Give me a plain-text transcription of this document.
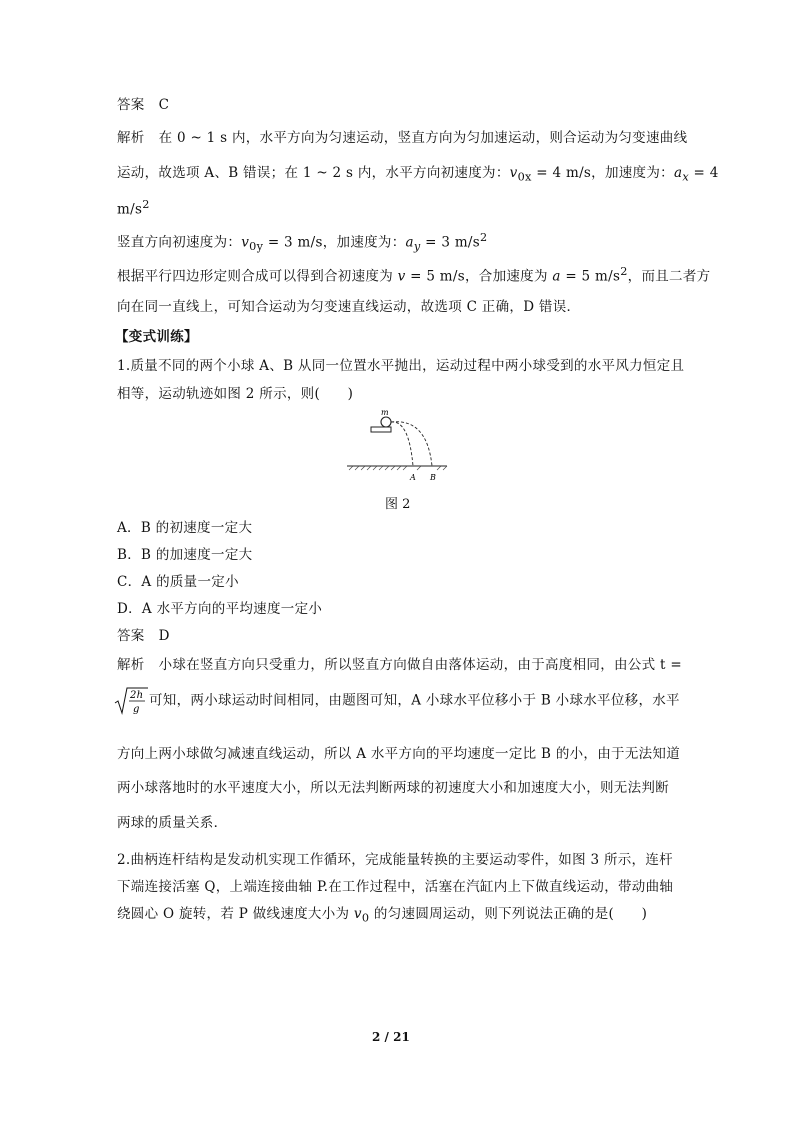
答案 C
解析 在 0 ~ 1 s 内，水平方向为匀速运动，竖直方向为匀加速运动，则合运动为匀变速曲线
运动，故选项 A、B 错误；在 1 ~ 2 s 内，水平方向初速度为：$v_{0x} = 4$ m/s，加速度为：$a_x = 4$
$m/s^2$
竖直方向初速度为：$v_{0y} = 3$ m/s，加速度为：$a_y = 3$ $m/s^2$
根据平行四边形定则合成可以得到合初速度为 v = 5 m/s，合加速度为 a = 5 $m/s^2$，而且二者方
向在同一直线上，可知合运动为匀变速直线运动，故选项 C 正确，D 错误．
【变式训练】
1.质量不同的两个小球 A、B 从同一位置水平抛出，运动过程中两小球受到的水平风力恒定且
相等，运动轨迹如图 2 所示，则(　　)
m
A B
图 2
A．B 的初速度一定大
B．B 的加速度一定大
C．A 的质量一定小
D．A 水平方向的平均速度一定小
答案 D
解析 小球在竖直方向只受重力，所以竖直方向做自由落体运动，由于高度相同，由公式 t =
2h
g
可知，两小球运动时间相同，由题图可知，A 小球水平位移小于 B 小球水平位移，水平
方向上两小球做匀减速直线运动，所以 A 水平方向的平均速度一定比 B 的小，由于无法知道
两小球落地时的水平速度大小，所以无法判断两球的初速度大小和加速度大小，则无法判断
两球的质量关系．
2.曲柄连杆结构是发动机实现工作循环，完成能量转换的主要运动零件，如图 3 所示，连杆
下端连接活塞 Q，上端连接曲轴 P.在工作过程中，活塞在汽缸内上下做直线运动，带动曲轴
绕圆心 O 旋转，若 P 做线速度大小为 $v_0$ 的匀速圆周运动，则下列说法正确的是(　　)
2 / 21
